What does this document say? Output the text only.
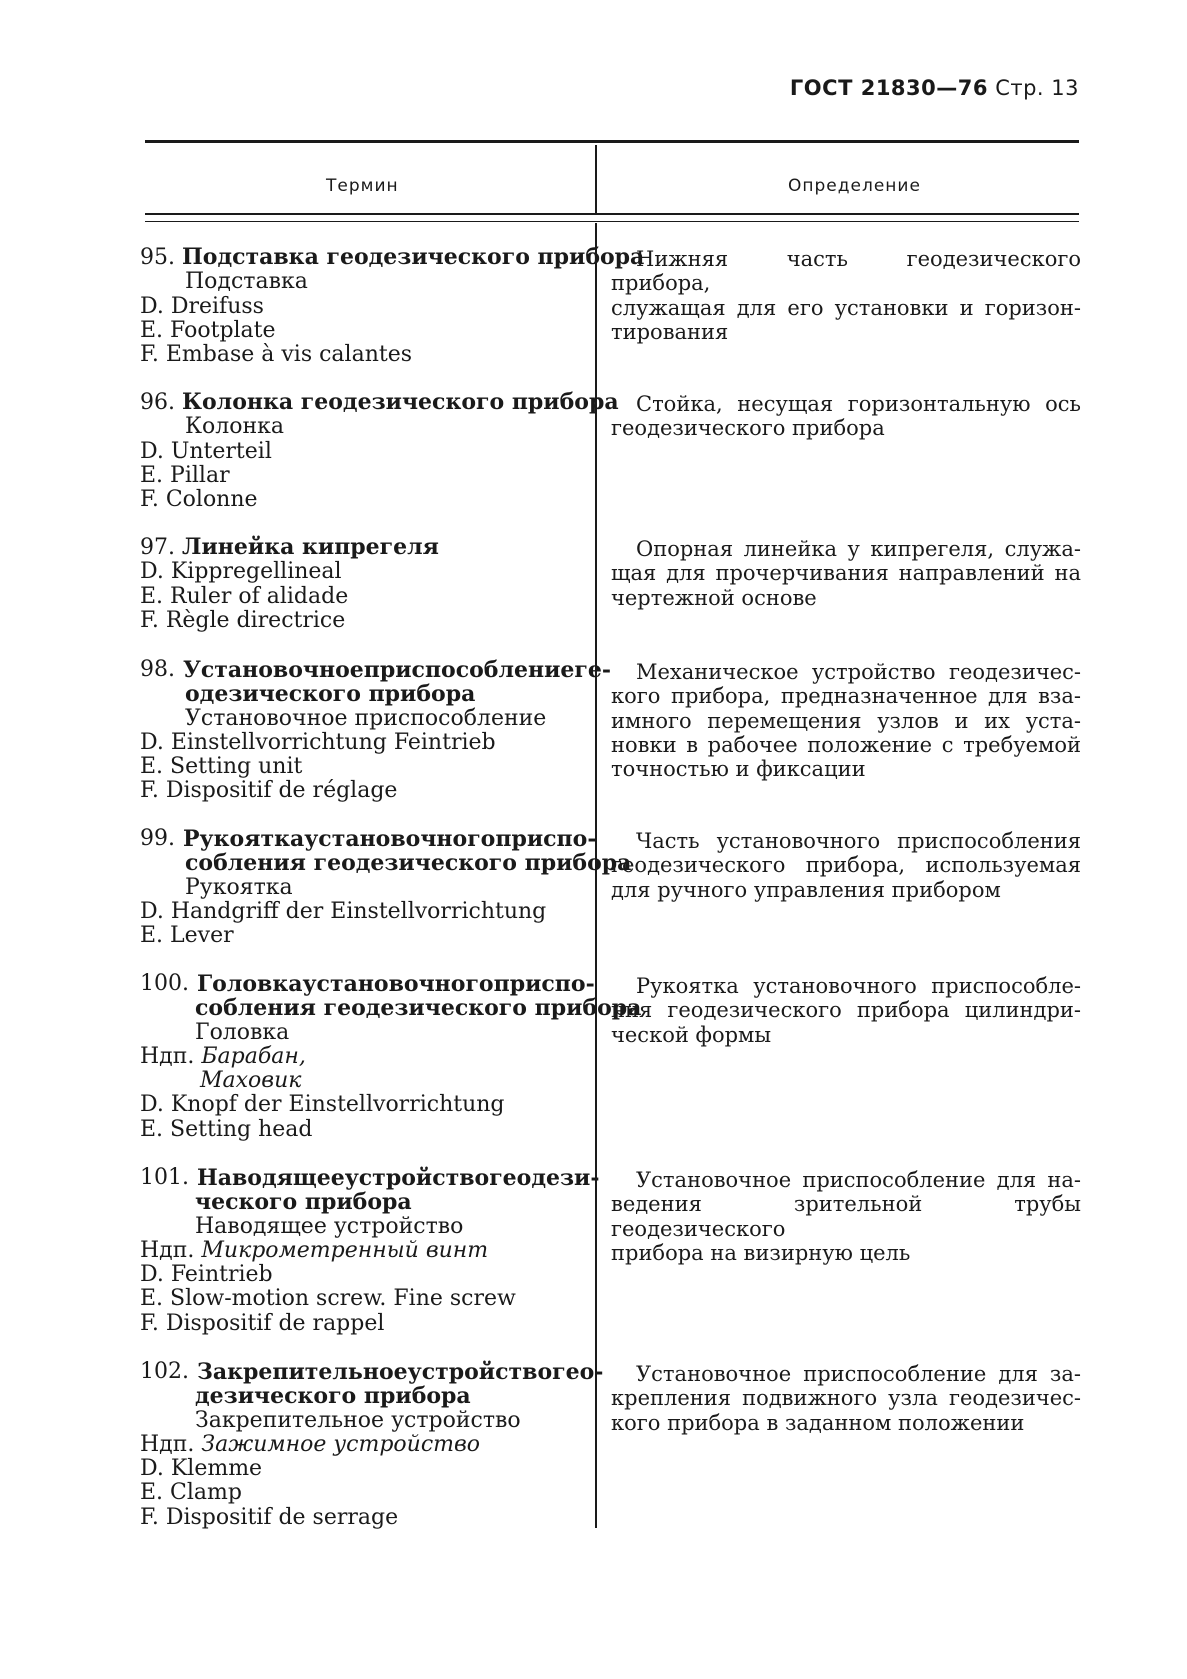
ГОСТ 21830—76 Стр. 13
Термин	Определение
95. Подставка геодезического прибора
Подставка
D. Dreifuss
E. Footplate
F. Embase à vis calantes
Нижняя часть геодезического прибора,
служащая для его установки и горизон-
тирования
96. Колонка геодезического прибора
Колонка
D. Unterteil
E. Pillar
F. Colonne
Стойка, несущая горизонтальную ось
геодезического прибора
97. Линейка кипрегеля
D. Kippregellineal
E. Ruler of alidade
F. Règle directrice
Опорная линейка у кипрегеля, служа-
щая для прочерчивания направлений на
чертежной основе
98. Установочное приспособление ге-
одезического прибора
Установочное приспособление
D. Einstellvorrichtung Feintrieb
E. Setting unit
F. Dispositif de réglage
Механическое устройство геодезичес-
кого прибора, предназначенное для вза-
имного перемещения узлов и их уста-
новки в рабочее положение с требуемой
точностью и фиксации
99. Рукоятка установочного приспо-
собления геодезического прибора
Рукоятка
D. Handgriff der Einstellvorrichtung
E. Lever
Часть установочного приспособления
геодезического прибора, используемая
для ручного управления прибором
100. Головка установочного приспо-
собления геодезического прибора
Головка
Ндп. Барабан,
Маховик
D. Knopf der Einstellvorrichtung
E. Setting head
Рукоятка установочного приспособле-
ния геодезического прибора цилиндри-
ческой формы
101. Наводящее устройство геодези-
ческого прибора
Наводящее устройство
Ндп. Микрометренный винт
D. Feintrieb
E. Slow-motion screw. Fine screw
F. Dispositif de rappel
Установочное приспособление для на-
ведения зрительной трубы геодезического
прибора на визирную цель
102. Закрепительное устройство гео-
дезического прибора
Закрепительное устройство
Ндп. Зажимное устройство
D. Klemme
E. Clamp
F. Dispositif de serrage
Установочное приспособление для за-
крепления подвижного узла геодезичес-
кого прибора в заданном положении
